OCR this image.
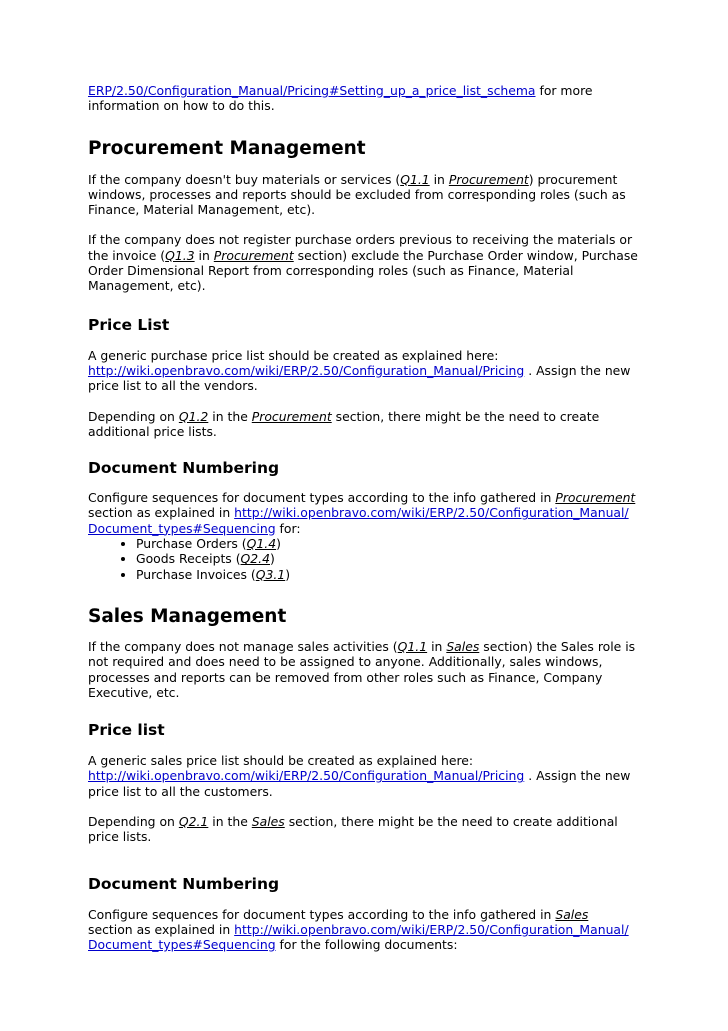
ERP/2.50/Configuration_Manual/Pricing#Setting_up_a_price_list_schema for more
information on how to do this.

Procurement Management

If the company doesn't buy materials or services (Q1.1 in Procurement) procurement
windows, processes and reports should be excluded from corresponding roles (such as
Finance, Material Management, etc).

If the company does not register purchase orders previous to receiving the materials or
the invoice (Q1.3 in Procurement section) exclude the Purchase Order window, Purchase
Order Dimensional Report from corresponding roles (such as Finance, Material
Management, etc).

Price List

A generic purchase price list should be created as explained here:
http://wiki.openbravo.com/wiki/ERP/2.50/Configuration_Manual/Pricing . Assign the new
price list to all the vendors.

Depending on Q1.2 in the Procurement section, there might be the need to create
additional price lists.

Document Numbering

Configure sequences for document types according to the info gathered in Procurement
section as explained in http://wiki.openbravo.com/wiki/ERP/2.50/Configuration_Manual/
Document_types#Sequencing for:

• Purchase Orders (Q1.4)
• Goods Receipts (Q2.4)
• Purchase Invoices (Q3.1)
Sales Management

If the company does not manage sales activities (Q1.1 in Sales section) the Sales role is
not required and does need to be assigned to anyone. Additionally, sales windows,
processes and reports can be removed from other roles such as Finance, Company
Executive, etc.

Price list

A generic sales price list should be created as explained here:
http://wiki.openbravo.com/wiki/ERP/2.50/Configuration_Manual/Pricing . Assign the new
price list to all the customers.

Depending on Q2.1 in the Sales section, there might be the need to create additional
price lists.

Document Numbering

Configure sequences for document types according to the info gathered in Sales
section as explained in http://wiki.openbravo.com/wiki/ERP/2.50/Configuration_Manual/
Document_types#Sequencing for the following documents:
